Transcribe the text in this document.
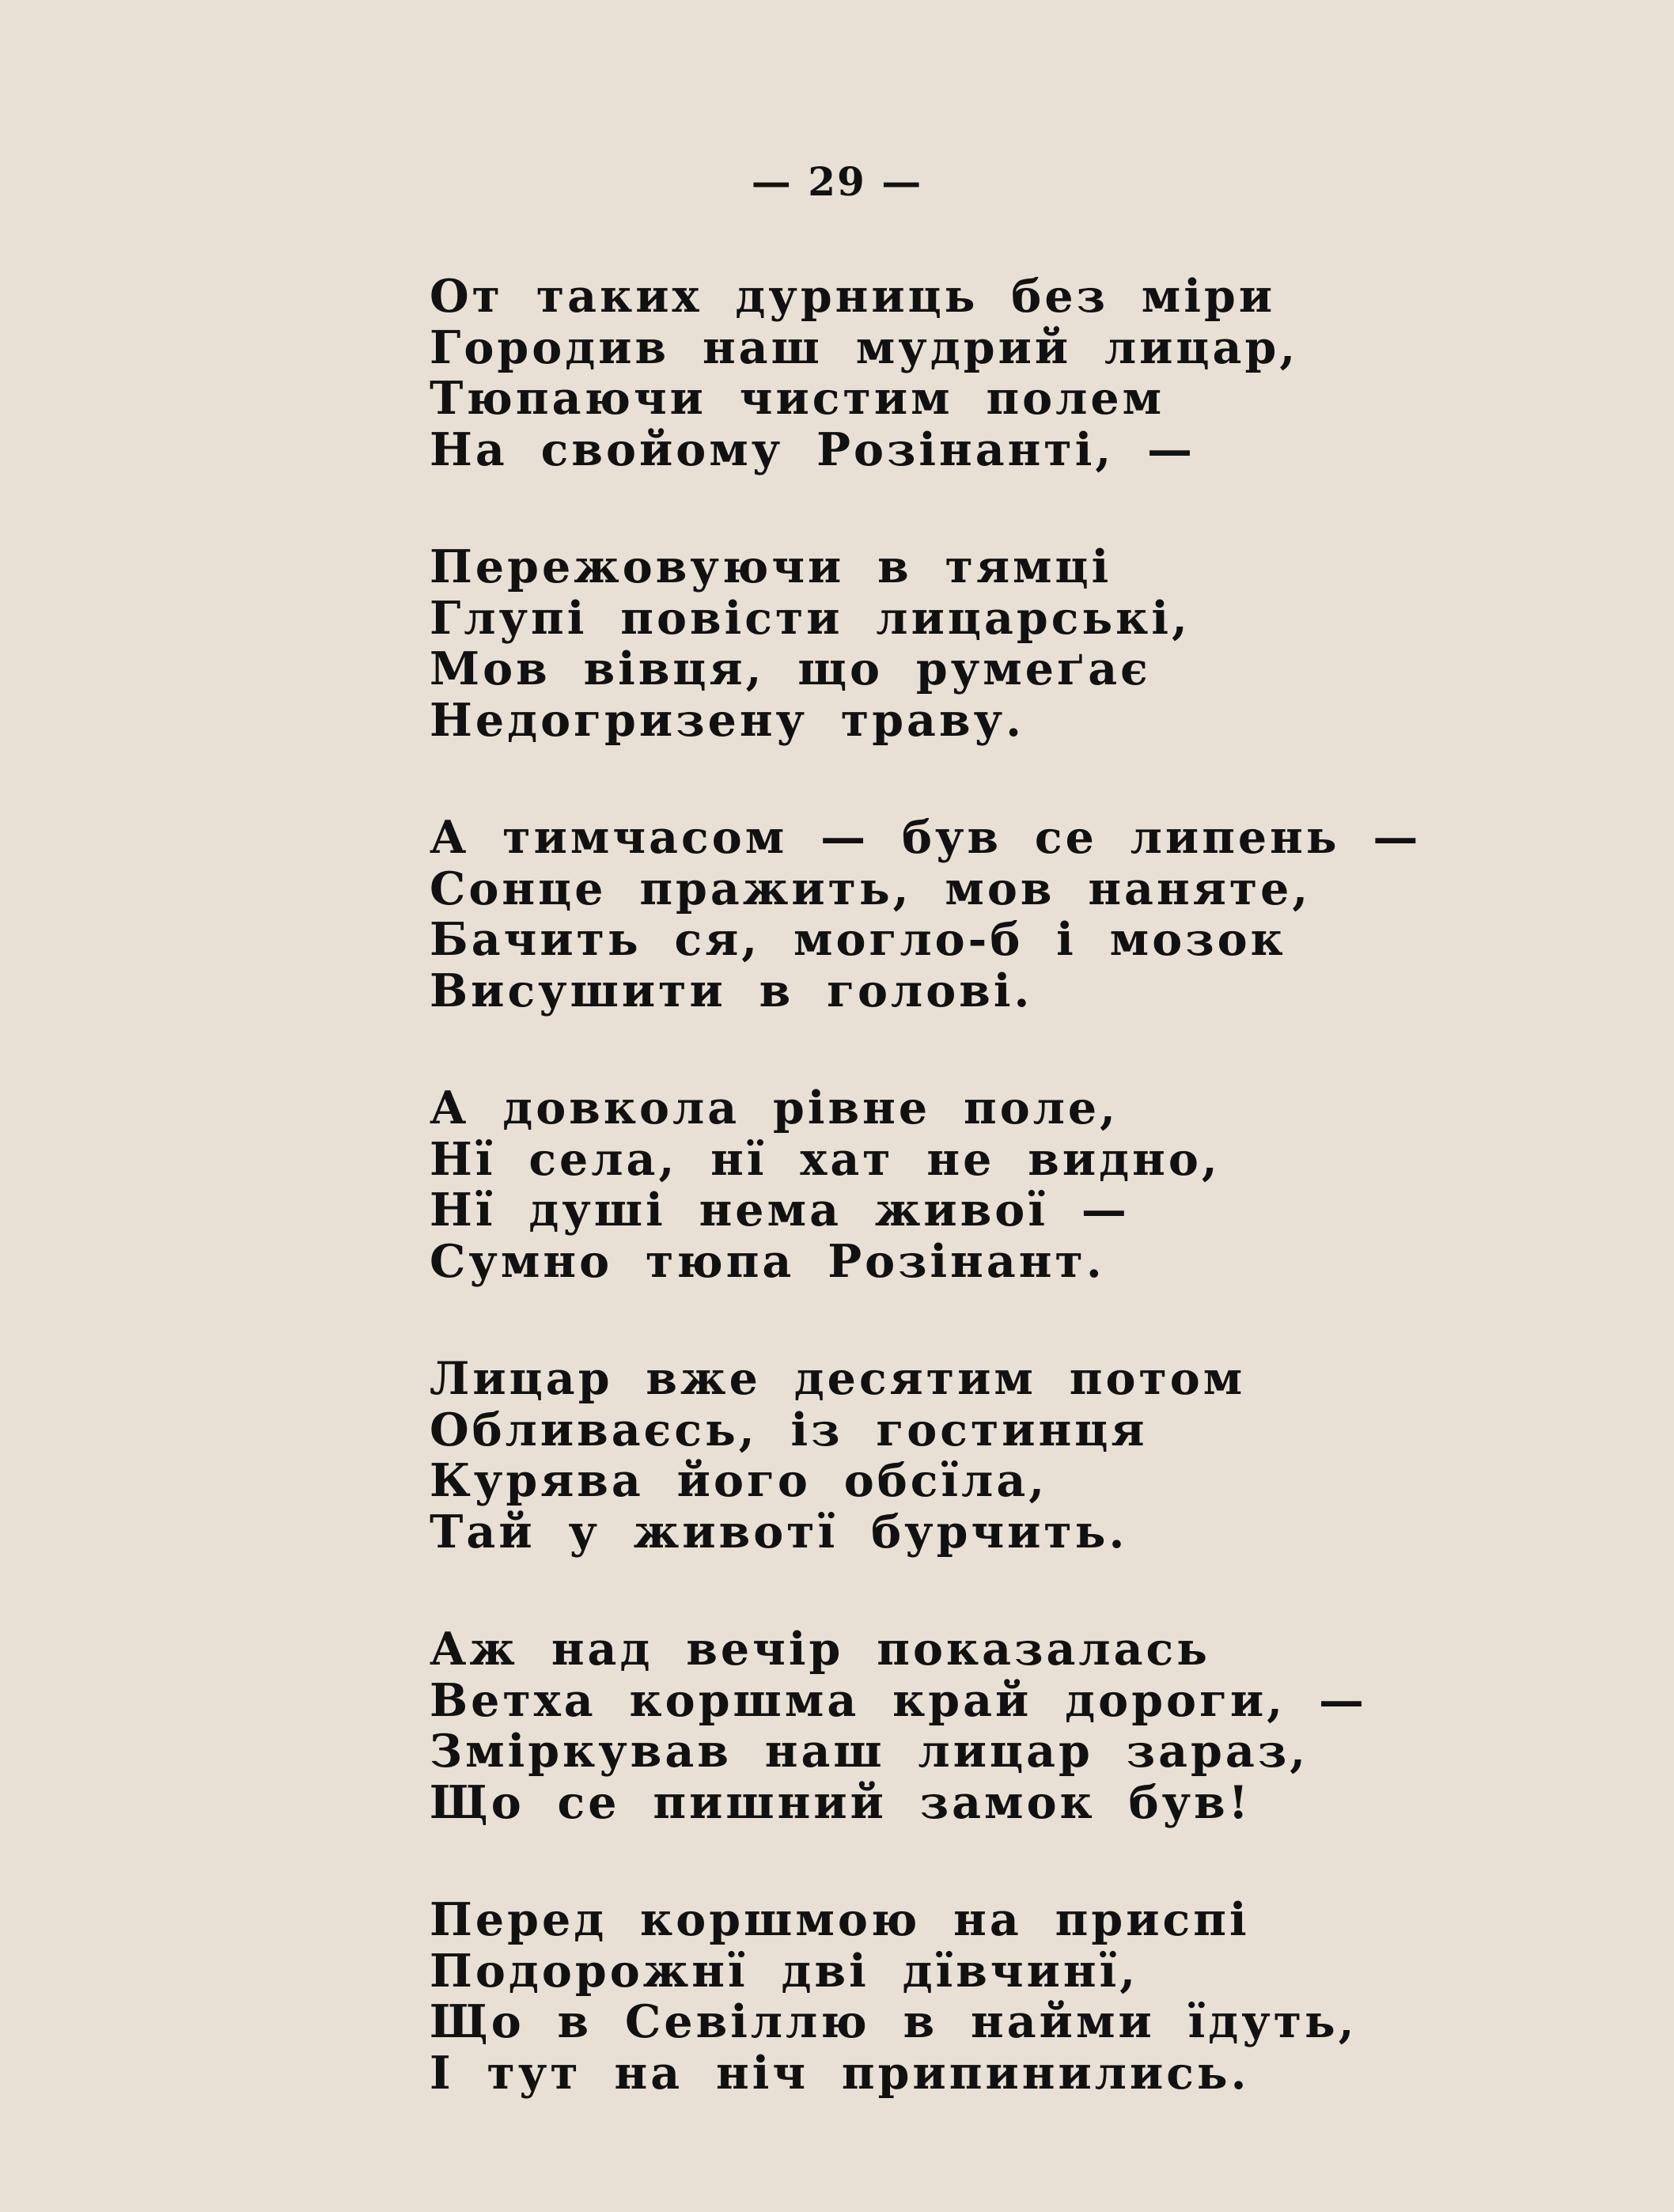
— 29 —
От таких дурниць без міри
Городив наш мудрий лицар,
Тюпаючи чистим полем
На свойому Розінанті, —
Пережовуючи в тямці
Глупі повісти лицарські,
Мов вівця, що румеґає
Недогризену траву.
А тимчасом — був се липень —
Сонце пражить, мов наняте,
Бачить ся, могло-б і мозок
Висушити в голові.
А довкола рівне поле,
Нї села, нї хат не видно,
Нї душі нема живої —
Сумно тюпа Розінант.
Лицар вже десятим потом
Обливаєсь, із гостинця
Курява його обсїла,
Тай у животї бурчить.
Аж над вечір показалась
Ветха коршма край дороги, —
Зміркував наш лицар зараз,
Що се пишний замок був!
Перед коршмою на приспі
Подорожнї дві дївчинї,
Що в Севіллю в найми їдуть,
І тут на ніч припинились.
